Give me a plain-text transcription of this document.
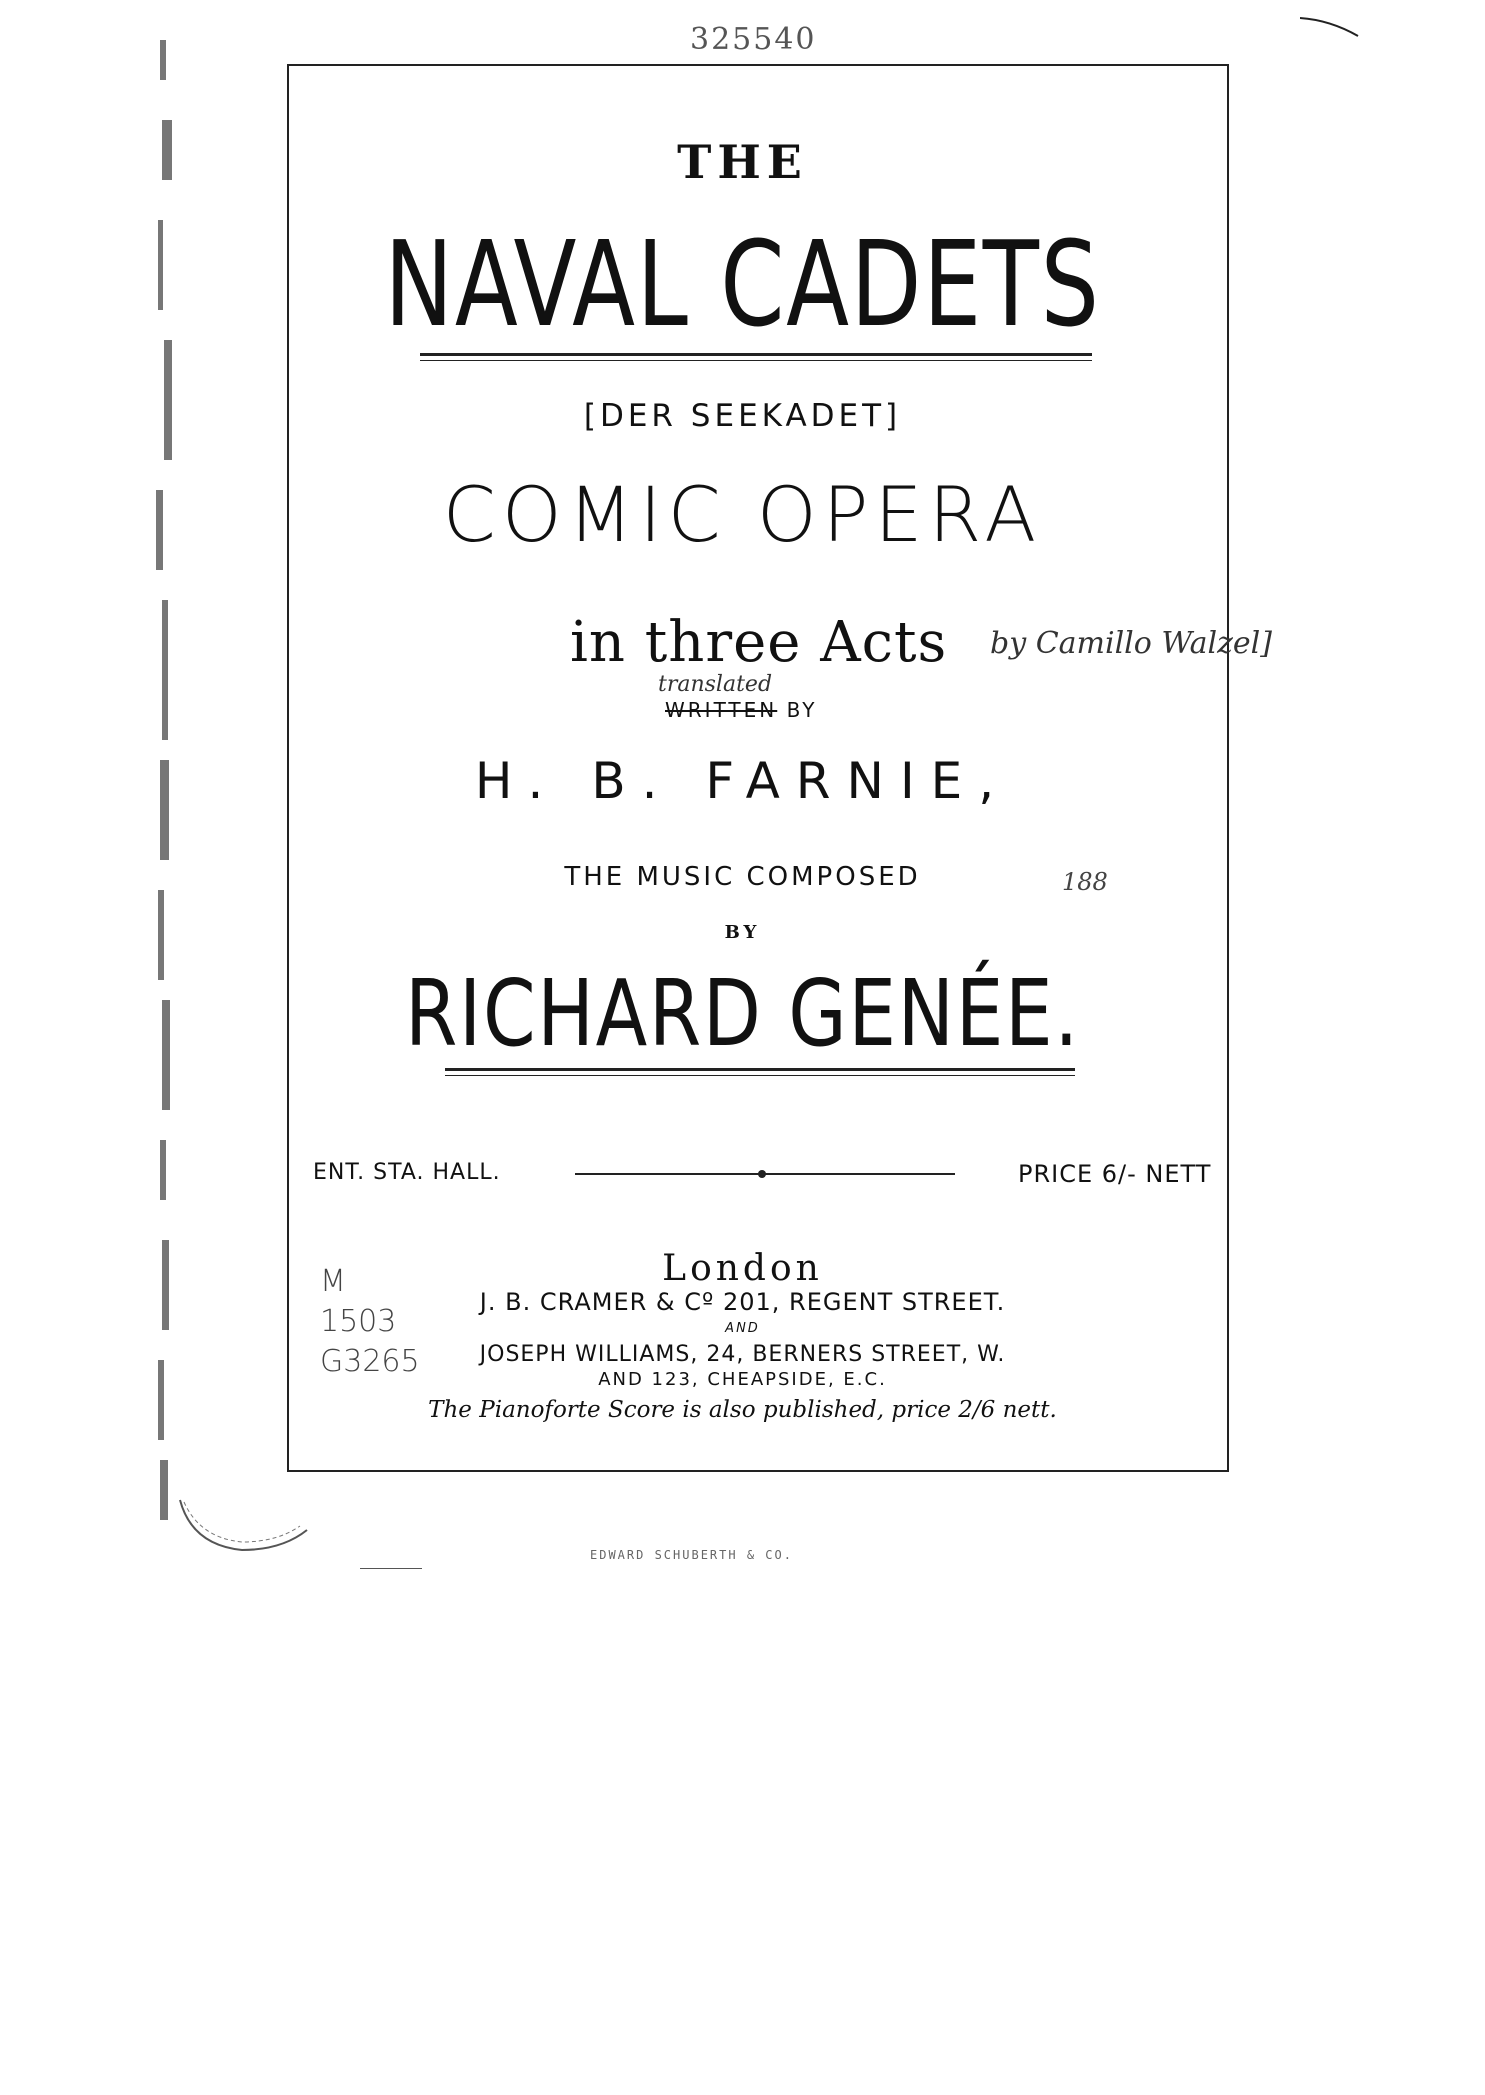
325540
THE
NAVAL CADETS
[DER SEEKADET]
COMIC OPERA
in three Acts by Camillo Walzel]
translated
WRITTEN BY
H. B. FARNIE,
THE MUSIC COMPOSED	188
BY
RICHARD GENÉE.
ENT. STA. HALL.	PRICE 6/- NETT
London
J. B. CRAMER & Cº 201, REGENT STREET.
AND
JOSEPH WILLIAMS, 24, BERNERS STREET, W.
AND 123, CHEAPSIDE, E.C.
The Pianoforte Score is also published, price 2/6 nett.
M
1503
G3265
EDWARD SCHUBERTH & CO.
